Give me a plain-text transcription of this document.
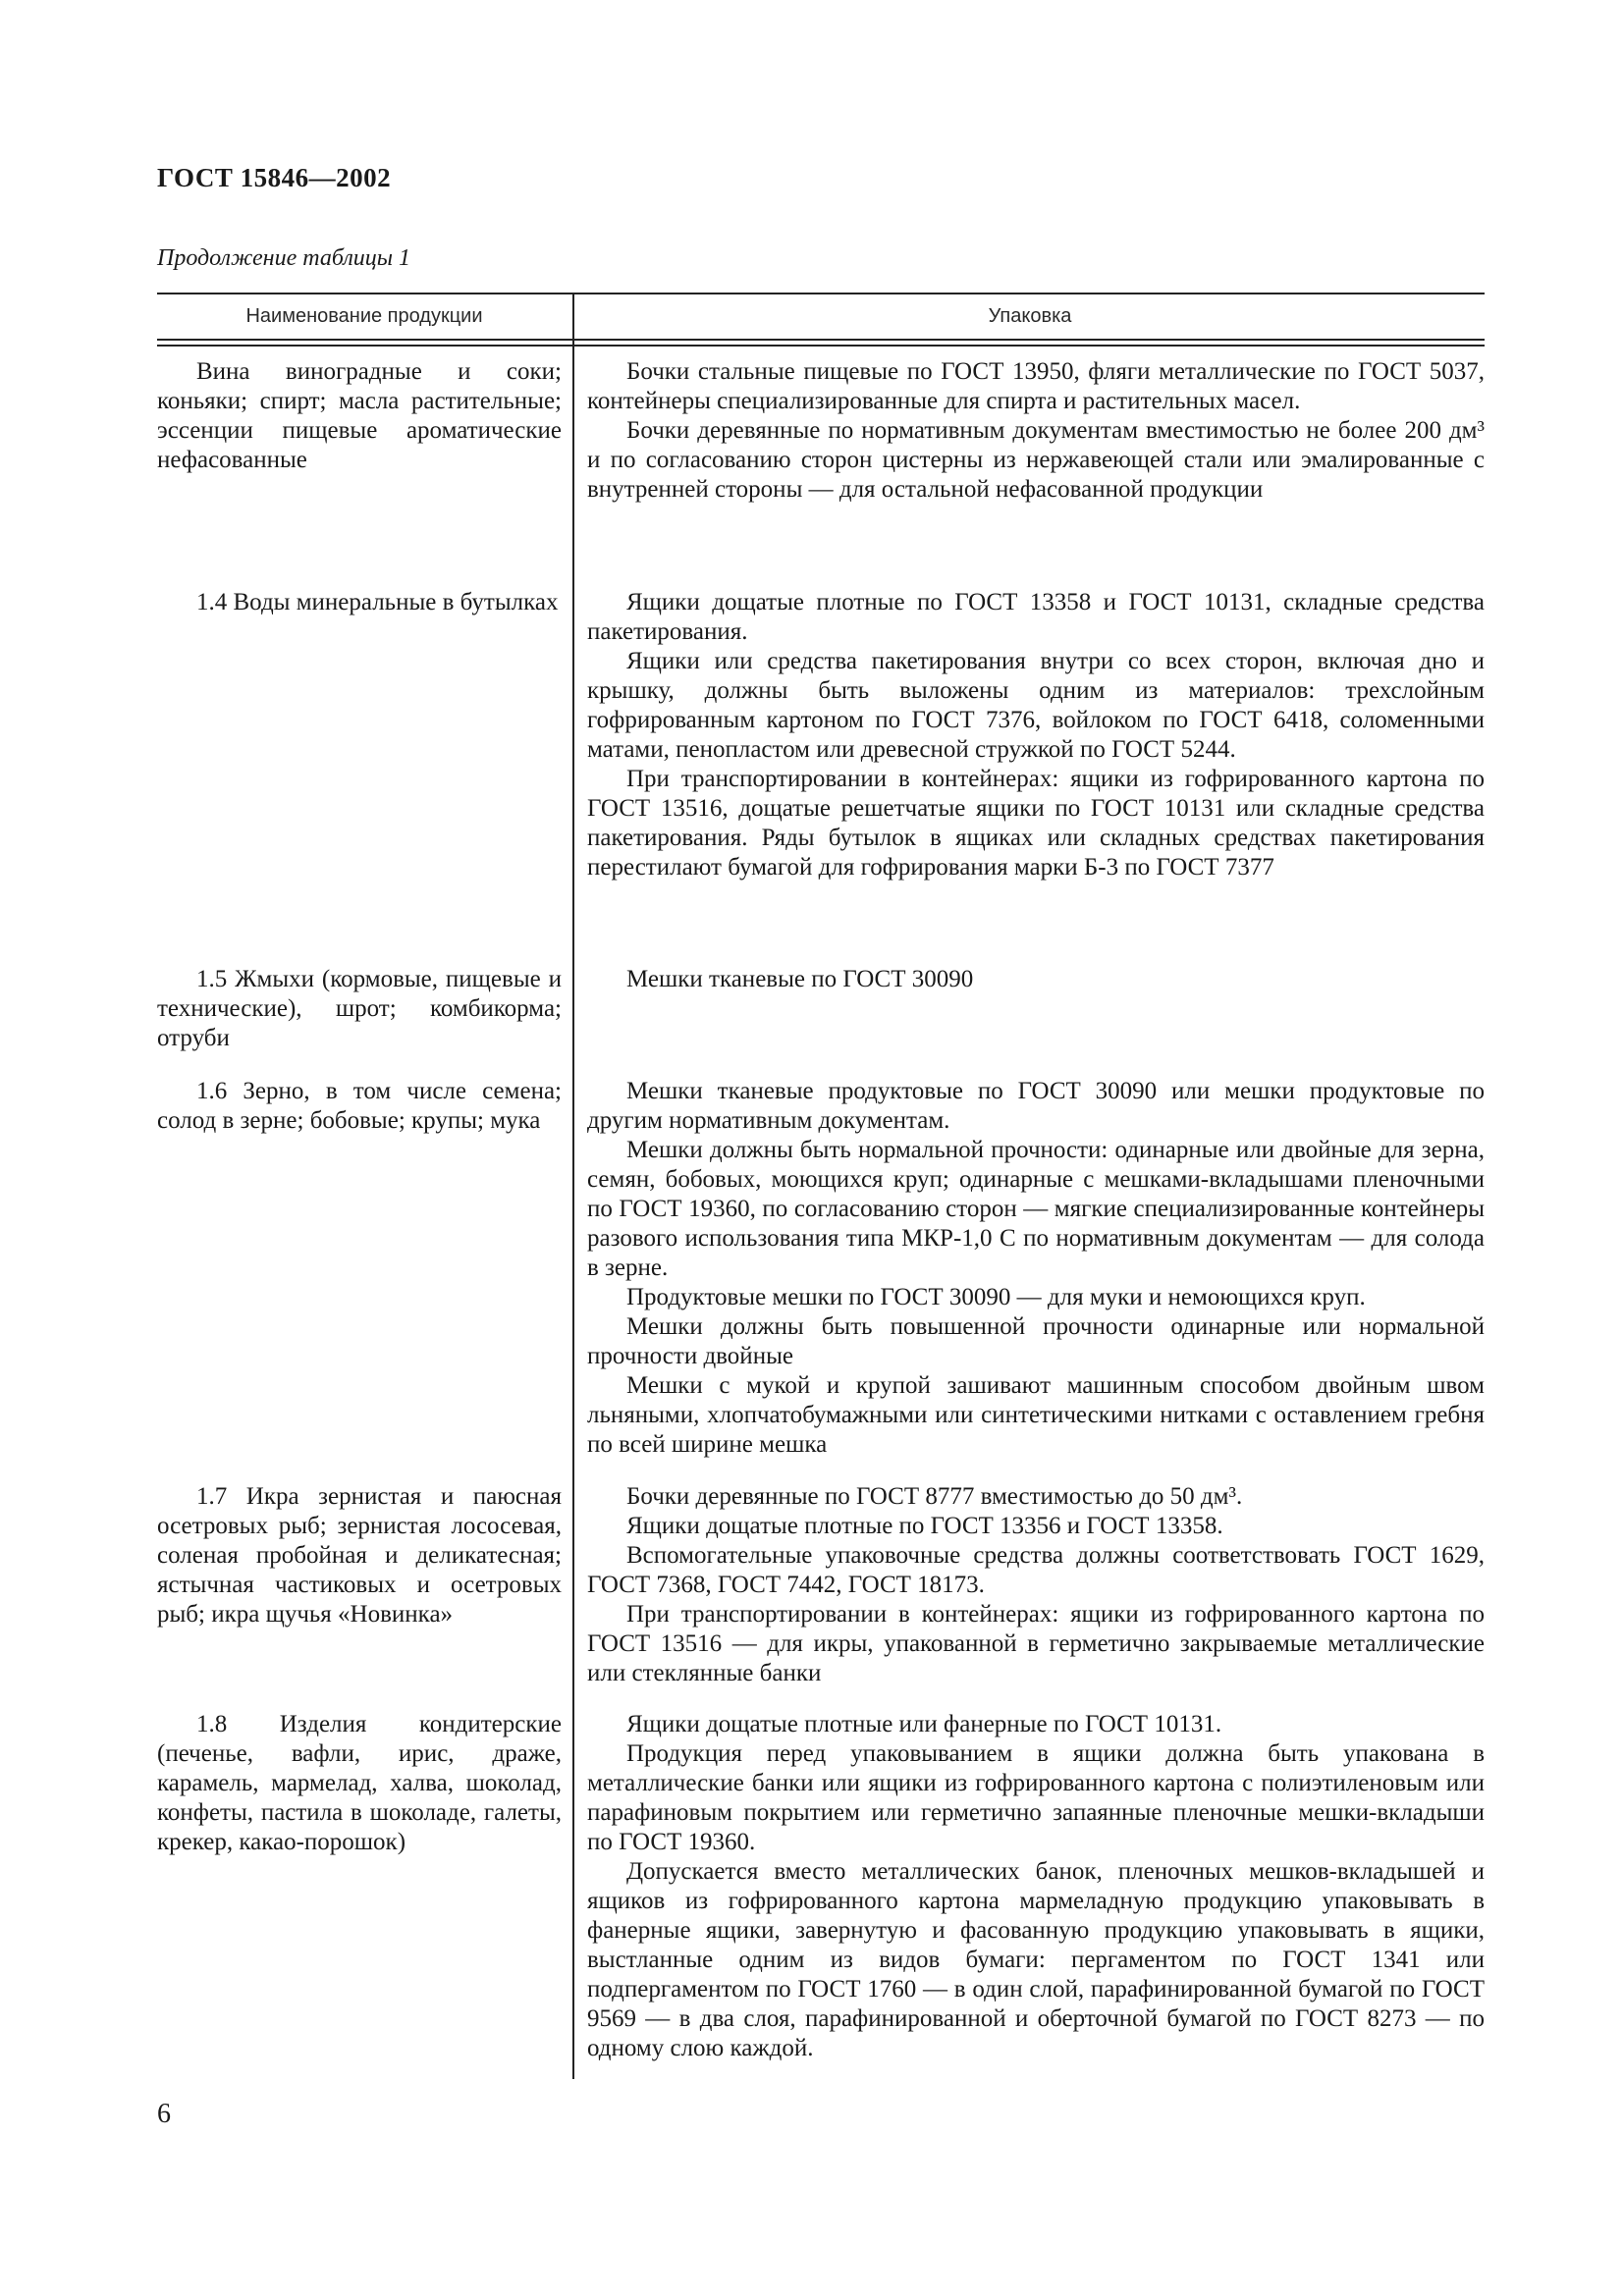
ГОСТ 15846—2002
Продолжение таблицы 1
Наименование продукции	Упаковка

Вина виноградные и соки; коньяки; спирт; масла растительные; эссенции пищевые ароматические нефасованные

Бочки стальные пищевые по ГОСТ 13950, фляги металлические по ГОСТ 5037, контейнеры специализированные для спирта и растительных масел.

Бочки деревянные по нормативным документам вместимостью не более 200 дм³ и по согласованию сторон цистерны из нержавеющей стали или эмалированные с внутренней стороны — для остальной нефасованной продукции

1.4 Воды минеральные в бутылках	Ящики дощатые плотные по ГОСТ 13358 и ГОСТ 10131, складные средства пакетирования.

Ящики или средства пакетирования внутри со всех сторон, включая дно и крышку, должны быть выложены одним из материалов: трехслойным гофрированным картоном по ГОСТ 7376, войлоком по ГОСТ 6418, соломенными матами, пенопластом или древесной стружкой по ГОСТ 5244.

При транспортировании в контейнерах: ящики из гофрированного картона по ГОСТ 13516, дощатые решетчатые ящики по ГОСТ 10131 или складные средства пакетирования. Ряды бутылок в ящиках или складных средствах пакетирования перестилают бумагой для гофрирования марки Б-3 по ГОСТ 7377

1.5 Жмыхи (кормовые, пищевые и технические), шрот; комбикорма; отруби

Мешки тканевые по ГОСТ 30090

1.6 Зерно, в том числе семена; солод в зерне; бобовые; крупы; мука

Мешки тканевые продуктовые по ГОСТ 30090 или мешки продуктовые по другим нормативным документам.

Мешки должны быть нормальной прочности: одинарные или двойные для зерна, семян, бобовых, моющихся круп; одинарные с мешками-вкладышами пленочными по ГОСТ 19360, по согласованию сторон — мягкие специализированные контейнеры разового использования типа МКР-1,0 С по нормативным документам — для солода в зерне.

Продуктовые мешки по ГОСТ 30090 — для муки и немоющихся круп.

Мешки должны быть повышенной прочности одинарные или нормальной прочности двойные

Мешки с мукой и крупой зашивают машинным способом двойным швом льняными, хлопчатобумажными или синтетическими нитками с оставлением гребня по всей ширине мешка

1.7 Икра зернистая и паюсная осетровых рыб; зернистая лососевая, соленая пробойная и деликатесная; ястычная частиковых и осетровых рыб; икра щучья «Новинка»

Бочки деревянные по ГОСТ 8777 вместимостью до 50 дм³.

Ящики дощатые плотные по ГОСТ 13356 и ГОСТ 13358.

Вспомогательные упаковочные средства должны соответствовать ГОСТ 1629, ГОСТ 7368, ГОСТ 7442, ГОСТ 18173.

При транспортировании в контейнерах: ящики из гофрированного картона по ГОСТ 13516 — для икры, упакованной в герметично закрываемые металлические или стеклянные банки

1.8 Изделия кондитерские (печенье, вафли, ирис, драже, карамель, мармелад, халва, шоколад, конфеты, пастила в шоколаде, галеты, крекер, какао-порошок)

Ящики дощатые плотные или фанерные по ГОСТ 10131.

Продукция перед упаковыванием в ящики должна быть упакована в металлические банки или ящики из гофрированного картона с полиэтиленовым или парафиновым покрытием или герметично запаянные пленочные мешки-вкладыши по ГОСТ 19360.

Допускается вместо металлических банок, пленочных мешков-вкладышей и ящиков из гофрированного картона мармеладную продукцию упаковывать в фанерные ящики, завернутую и фасованную продукцию упаковывать в ящики, выстланные одним из видов бумаги: пергаментом по ГОСТ 1341 или подпергаментом по ГОСТ 1760 — в один слой, парафинированной бумагой по ГОСТ 9569 — в два слоя, парафинированной и оберточной бумагой по ГОСТ 8273 — по одному слою каждой.

6
